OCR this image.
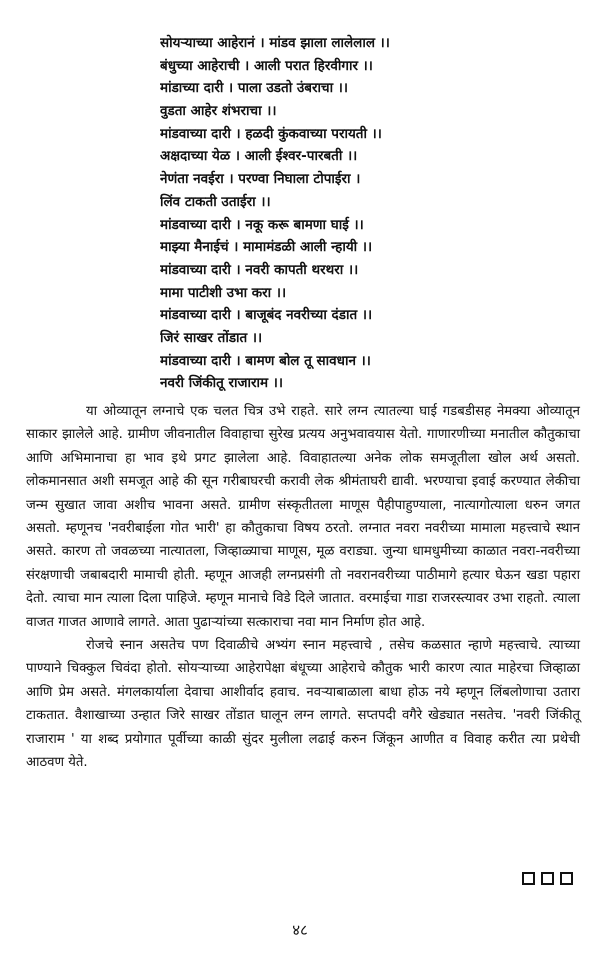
सोयऱ्याच्या आहेरानं । मांडव झाला लालेलाल ।।
बंधुच्या आहेराची । आली परात हिरवीगार ।।
मांडाच्या दारी । पाला उडतो उंबराचा ।।
वुडता आहेर शंभराचा ।।
मांडवाच्या दारी । हळदी कुंकवाच्या परायती ।।
अक्षदाच्या येळ । आली ईश्वर-पारबती ।।
नेणंता नवईरा । परण्वा निघाला टोपाईरा ।
लिंव टाकती उताईरा ।।
मांडवाच्या दारी । नकू करू बामणा घाई ।।
माझ्या मैनाईचं । मामामंडळी आली न्हायी ।।
मांडवाच्या दारी । नवरी कापती थरथरा ।।
मामा पाटीशी उभा करा ।।
मांडवाच्या दारी । बाजूबंद नवरीच्या दंडात ।।
जिरं साखर तोंडात ।।
मांडवाच्या दारी । बामण बोल तू सावधान ।।
नवरी जिंकीतू राजाराम ।।

या ओव्यातून लग्नाचे एक चलत चित्र उभे राहते. सारे लग्न त्यातल्या घाई गडबडीसह नेमक्या ओव्यातून साकार झालेले आहे. ग्रामीण जीवनातील विवाहाचा सुरेख प्रत्यय अनुभवावयास येतो. गाणारणीच्या मनातील कौतुकाचा आणि अभिमानाचा हा भाव इथे प्रगट झालेला आहे. विवाहातल्या अनेक लोक समजूतीला खोल अर्थ असतो. लोकमानसात अशी समजूत आहे की सून गरीबाघरची करावी लेक श्रीमंताघरी द्यावी. भरण्याचा इवाई करण्यात लेकीचा जन्म सुखात जावा अशीच भावना असते. ग्रामीण संस्कृतीतला माणूस पैहीपाहुण्याला, नात्यागोत्याला धरुन जगत असतो. म्हणूनच 'नवरीबाईला गोत भारी' हा कौतुकाचा विषय ठरतो. लग्नात नवरा नवरीच्या मामाला महत्त्वाचे स्थान असते. कारण तो जवळच्या नात्यातला, जिव्हाळ्याचा माणूस, मूळ वराड्या. जुन्या धामधुमीच्या काळात नवरा-नवरीच्या संरक्षणाची जबाबदारी मामाची होती. म्हणून आजही लग्नप्रसंगी तो नवरानवरीच्या पाठीमागे हत्यार घेऊन खडा पहारा देतो. त्याचा मान त्याला दिला पाहिजे. म्हणून मानाचे विडे दिले जातात. वरमाईचा गाडा राजरस्त्यावर उभा राहतो. त्याला वाजत गाजत आणावे लागते. आता पुढाऱ्यांच्या सत्काराचा नवा मान निर्माण होत आहे.

रोजचे स्नान असतेच पण दिवाळीचे अभ्यंग स्नान महत्त्वाचे , तसेच कळसात न्हाणे महत्त्वाचे. त्याच्या पाण्याने चिक्कुल चिवंदा होतो. सोयऱ्याच्या आहेरापेक्षा बंधूच्या आहेराचे कौतुक भारी कारण त्यात माहेरचा जिव्हाळा आणि प्रेम असते. मंगलकार्याला देवाचा आशीर्वाद हवाच. नवऱ्याबाळाला बाधा होऊ नये म्हणून लिंबलोणाचा उतारा टाकतात. वैशाखाच्या उन्हात जिरे साखर तोंडात घालून लग्न लागते. सप्तपदी वगैरे खेड्यात नसतेच. 'नवरी जिंकीतू राजाराम ' या शब्द प्रयोगात पूर्वीच्या काळी सुंदर मुलीला लढाई करुन जिंकून आणीत व विवाह करीत त्या प्रथेची आठवण येते.

४८
